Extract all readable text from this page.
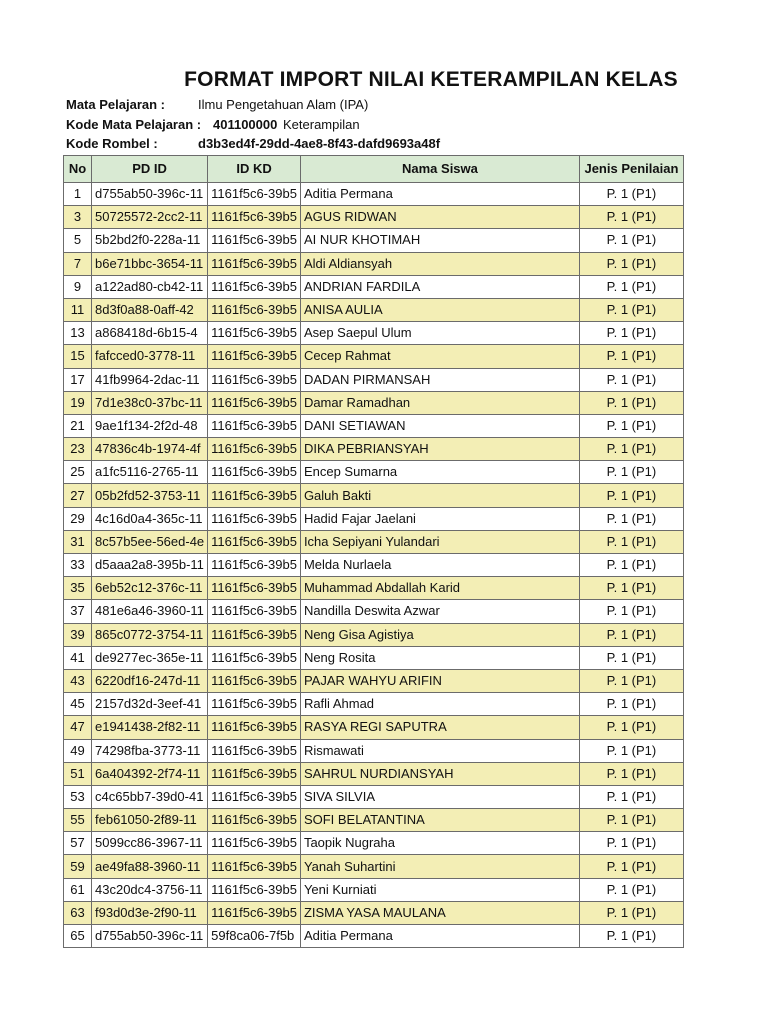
FORMAT IMPORT NILAI KETERAMPILAN KELAS
Mata Pelajaran :	Ilmu Pengetahuan Alam (IPA)
Kode Mata Pelajaran : 401100000 Keterampilan
Kode Rombel :	d3b3ed4f-29dd-4ae8-8f43-dafd9693a48f
No	PD ID	ID KD	Nama Siswa	Jenis Penilaian
1	d755ab50-396c-11	1161f5c6-39b5	Aditia Permana	P. 1 (P1)
3	50725572-2cc2-11	1161f5c6-39b5	AGUS RIDWAN	P. 1 (P1)
5	5b2bd2f0-228a-11	1161f5c6-39b5	AI NUR KHOTIMAH	P. 1 (P1)
7	b6e71bbc-3654-11	1161f5c6-39b5	Aldi Aldiansyah	P. 1 (P1)
9	a122ad80-cb42-11	1161f5c6-39b5	ANDRIAN FARDILA	P. 1 (P1)
11	8d3f0a88-0aff-42	1161f5c6-39b5	ANISA AULIA	P. 1 (P1)
13	a868418d-6b15-4	1161f5c6-39b5	Asep Saepul Ulum	P. 1 (P1)
15	fafcced0-3778-11	1161f5c6-39b5	Cecep Rahmat	P. 1 (P1)
17	41fb9964-2dac-11	1161f5c6-39b5	DADAN PIRMANSAH	P. 1 (P1)
19	7d1e38c0-37bc-11	1161f5c6-39b5	Damar Ramadhan	P. 1 (P1)
21	9ae1f134-2f2d-48	1161f5c6-39b5	DANI SETIAWAN	P. 1 (P1)
23	47836c4b-1974-4f	1161f5c6-39b5	DIKA PEBRIANSYAH	P. 1 (P1)
25	a1fc5116-2765-11	1161f5c6-39b5	Encep Sumarna	P. 1 (P1)
27	05b2fd52-3753-11	1161f5c6-39b5	Galuh Bakti	P. 1 (P1)
29	4c16d0a4-365c-11	1161f5c6-39b5	Hadid Fajar Jaelani	P. 1 (P1)
31	8c57b5ee-56ed-4e	1161f5c6-39b5	Icha Sepiyani Yulandari	P. 1 (P1)
33	d5aaa2a8-395b-11	1161f5c6-39b5	Melda Nurlaela	P. 1 (P1)
35	6eb52c12-376c-11	1161f5c6-39b5	Muhammad Abdallah Karid	P. 1 (P1)
37	481e6a46-3960-11	1161f5c6-39b5	Nandilla Deswita Azwar	P. 1 (P1)
39	865c0772-3754-11	1161f5c6-39b5	Neng Gisa Agistiya	P. 1 (P1)
41	de9277ec-365e-11	1161f5c6-39b5	Neng Rosita	P. 1 (P1)
43	6220df16-247d-11	1161f5c6-39b5	PAJAR WAHYU ARIFIN	P. 1 (P1)
45	2157d32d-3eef-41	1161f5c6-39b5	Rafli Ahmad	P. 1 (P1)
47	e1941438-2f82-11	1161f5c6-39b5	RASYA REGI SAPUTRA	P. 1 (P1)
49	74298fba-3773-11	1161f5c6-39b5	Rismawati	P. 1 (P1)
51	6a404392-2f74-11	1161f5c6-39b5	SAHRUL NURDIANSYAH	P. 1 (P1)
53	c4c65bb7-39d0-41	1161f5c6-39b5	SIVA SILVIA	P. 1 (P1)
55	feb61050-2f89-11	1161f5c6-39b5	SOFI BELATANTINA	P. 1 (P1)
57	5099cc86-3967-11	1161f5c6-39b5	Taopik Nugraha	P. 1 (P1)
59	ae49fa88-3960-11	1161f5c6-39b5	Yanah Suhartini	P. 1 (P1)
61	43c20dc4-3756-11	1161f5c6-39b5	Yeni Kurniati	P. 1 (P1)
63	f93d0d3e-2f90-11	1161f5c6-39b5	ZISMA YASA MAULANA	P. 1 (P1)
65	d755ab50-396c-11	59f8ca06-7f5b	Aditia Permana	P. 1 (P1)
